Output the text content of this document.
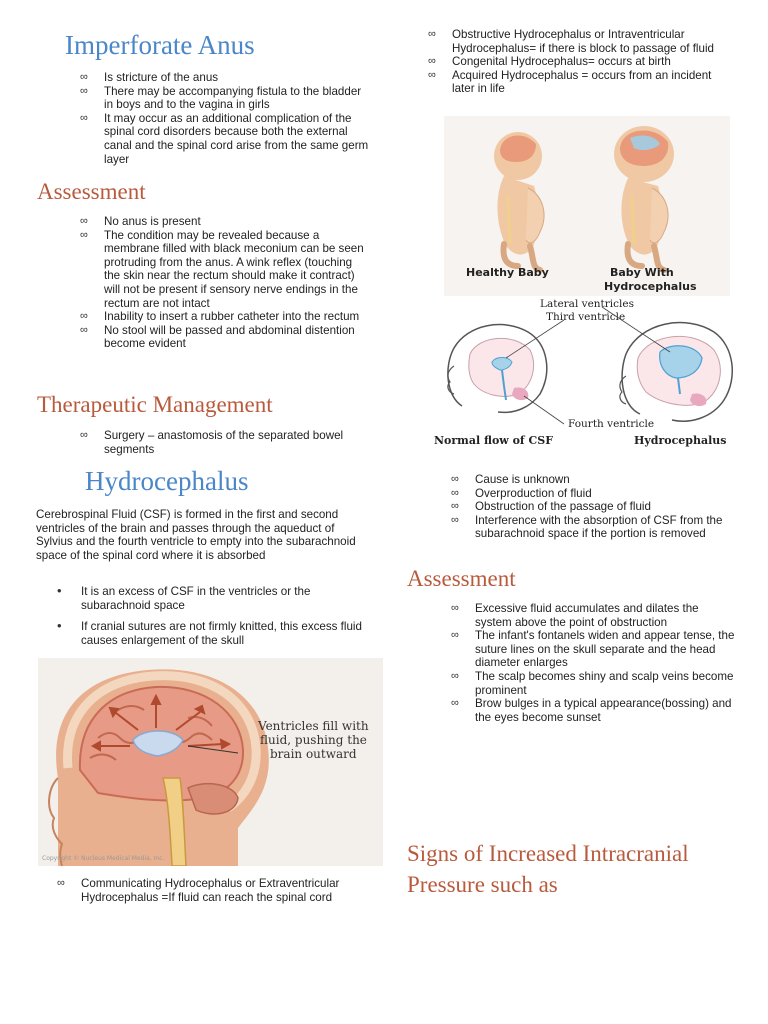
Imperforate Anus
∞ Is stricture of the anus
∞ There may be accompanying fistula to the bladder in boys and to the vagina in girls
∞ It may occur as an additional complication of the spinal cord disorders because both the external canal and the spinal cord arise from the same germ layer
Assessment
∞ No anus is present
∞ The condition may be revealed because a membrane filled with black meconium can be seen protruding from the anus. A wink reflex (touching the skin near the rectum should make it contract) will not be present if sensory nerve endings in the rectum are not intact
∞ Inability to insert a rubber catheter into the rectum
∞ No stool will be passed and abdominal distention become evident
Therapeutic Management
∞ Surgery – anastomosis of the separated bowel segments
Hydrocephalus

Cerebrospinal Fluid (CSF) is formed in the first and second ventricles of the brain and passes through the aqueduct of Sylvius and the fourth ventricle to empty into the subarachnoid space of the spinal cord where it is absorbed

• It is an excess of CSF in the ventricles or the subarachnoid space
• If cranial sutures are not firmly knitted, this excess fluid causes enlargement of the skull
Ventricles fill with
fluid, pushing the
brain outward
Copyright © Nucleus Medical Media, Inc.
∞ Communicating Hydrocephalus or Extraventricular Hydrocephalus =If fluid can reach the spinal cord
∞ Obstructive Hydrocephalus or Intraventricular Hydrocephalus= if there is block to passage of fluid
∞ Congenital Hydrocephalus= occurs at birth
∞ Acquired Hydrocephalus = occurs from an incident later in life
Healthy Baby	Baby With
Hydrocephalus
Lateral ventricles
Third ventricle
Fourth ventricle
Normal flow of CSF	Hydrocephalus
∞ Cause is unknown
∞ Overproduction of fluid
∞ Obstruction of the passage of fluid
∞ Interference with the absorption of CSF from the subarachnoid space if the portion is removed
Assessment
∞ Excessive fluid accumulates and dilates the system above the point of obstruction
∞ The infant's fontanels widen and appear tense, the suture lines on the skull separate and the head diameter enlarges
∞ The scalp becomes shiny and scalp veins become prominent
∞ Brow bulges in a typical appearance(bossing) and the eyes become sunset
Signs of Increased Intracranial Pressure such as
